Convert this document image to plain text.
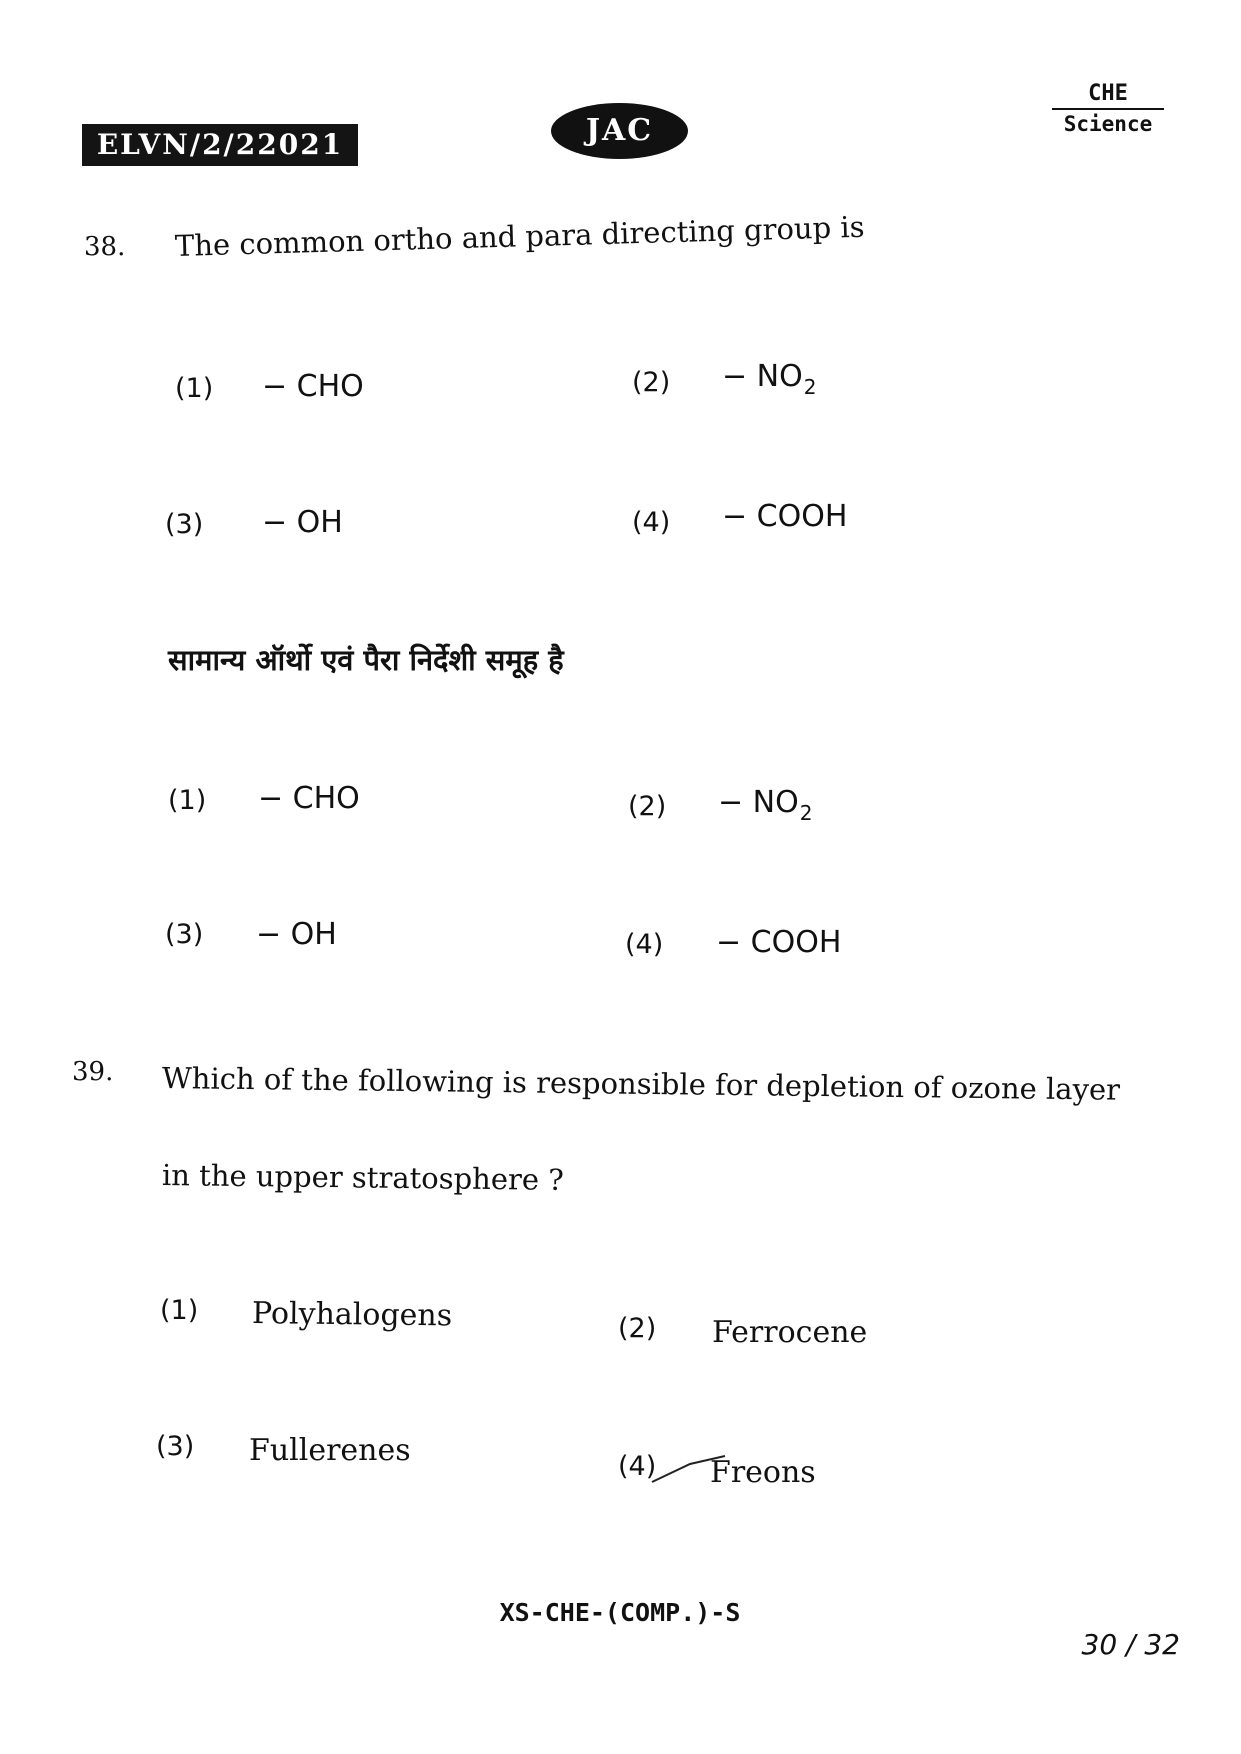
ELVN/2/22021	JAC
CHE
Science
38. The common ortho and para directing group is
(1) − CHO	$(2) - NO_2$
(3) − OH	(4) − COOH
सामान्य ऑर्थो एवं पैरा निर्देशी समूह है
(1) − CHO	$(2) - NO_2$
(3) − OH	(4) − COOH
39. Which of the following is responsible for depletion of ozone layer
in the upper stratosphere ?
(1) Polyhalogens	(2) Ferrocene
(3) Fullerenes	(4) Freons
XS-CHE-(COMP.)-S
30 / 32
